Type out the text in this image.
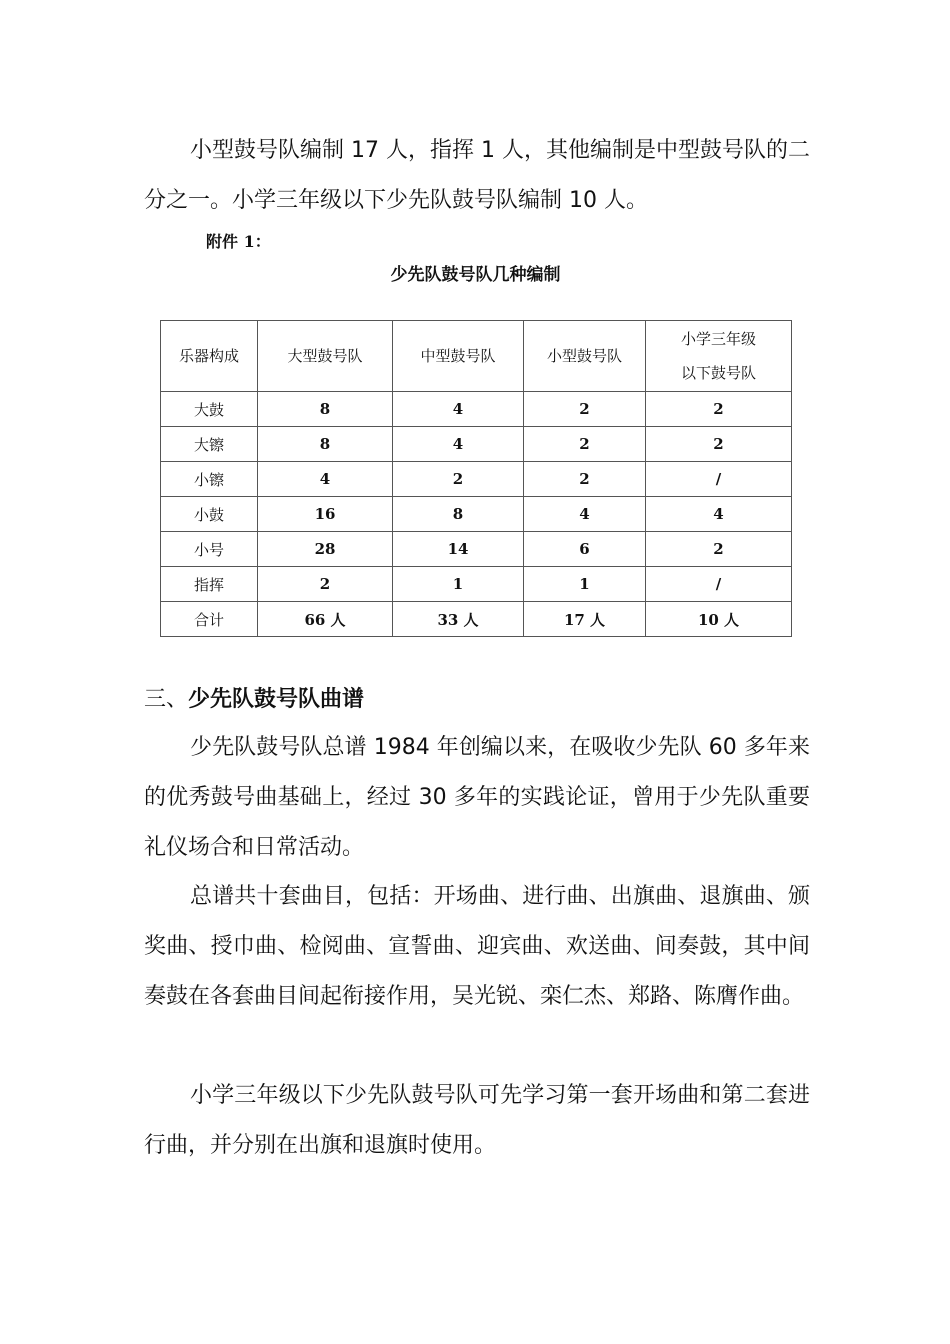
小型鼓号队编制 17 人，指挥 1 人，其他编制是中型鼓号队的二分之一。小学三年级以下少先队鼓号队编制 10 人。

附件 1：
少先队鼓号队几种编制
乐器构成	大型鼓号队	中型鼓号队	小型鼓号队	小学三年级
以下鼓号队
大鼓	8	4	2	2
大镲	8	4	2	2
小镲	4	2	2	/
小鼓	16	8	4	4
小号	28	14	6	2
指挥	2	1	1	/
合计	66 人	33 人	17 人	10 人
三、少先队鼓号队曲谱

少先队鼓号队总谱 1984 年创编以来，在吸收少先队 60 多年来的优秀鼓号曲基础上，经过 30 多年的实践论证，曾用于少先队重要礼仪场合和日常活动。

总谱共十套曲目，包括：开场曲、进行曲、出旗曲、退旗曲、颁奖曲、授巾曲、检阅曲、宣誓曲、迎宾曲、欢送曲、间奏鼓，其中间奏鼓在各套曲目间起衔接作用，吴光锐、栾仁杰、郑路、陈膺作曲。

小学三年级以下少先队鼓号队可先学习第一套开场曲和第二套进行曲，并分别在出旗和退旗时使用。
